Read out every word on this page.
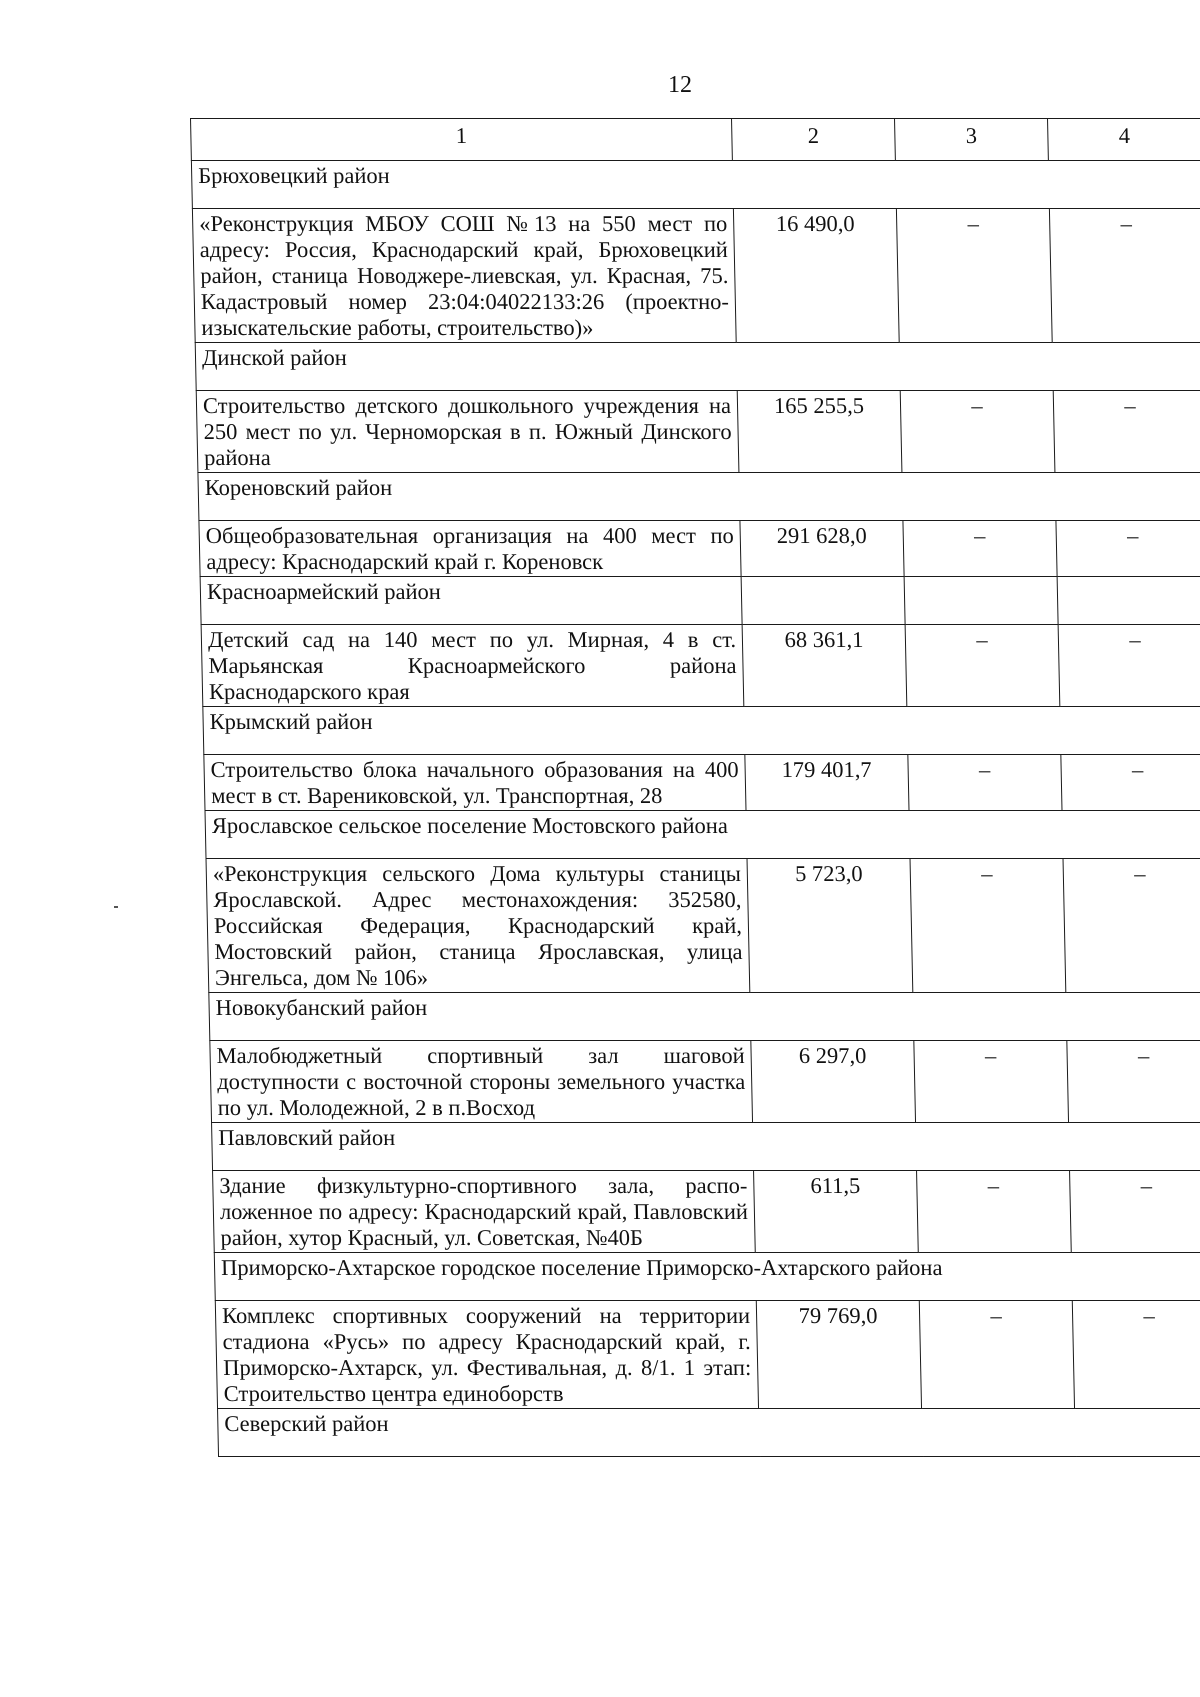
12
1	2	3	4
Брюховецкий район			
«Реконструкция МБОУ СОШ №13 на 550 мест по адресу: Россия, Краснодарский край, Брюховецкий район, станица Новоджере-лиевская, ул. Красная, 75. Кадастровый номер 23:04:04022133:26 (проектно-изыскательские работы, строительство)»	16 490,0	–	–
Динской район			
Строительство детского дошкольного учреждения на 250 мест по ул. Черноморская в п. Южный Динского района	165 255,5	–	–
Кореновский район			
Общеобразовательная организация на 400 мест по адресу: Краснодарский край г. Кореновск	291 628,0	–	–
Красноармейский район			
Детский сад на 140 мест по ул. Мирная, 4 в ст. Марьянская Красноармейского района Краснодарского края	68 361,1	–	–
Крымский район			
Строительство блока начального образования на 400 мест в ст. Варениковской, ул. Транспортная, 28	179 401,7	–	–
Ярославское сельское поселение Мостовского района			
«Реконструкция сельского Дома культуры станицы Ярославской. Адрес местонахождения: 352580, Российская Федерация, Краснодарский край, Мостовский район, станица Ярославская, улица Энгельса, дом № 106»	5 723,0	–	–
Новокубанский район			
Малобюджетный спортивный зал шаговой доступности с восточной стороны земельного участка по ул. Молодежной, 2 в п.Восход	6 297,0	–	–
Павловский район			
Здание физкультурно-спортивного зала, распо-ложенное по адресу: Краснодарский край, Павловский район, хутор Красный, ул. Советская, №40Б	611,5	–	–
Приморско-Ахтарское городское поселение Приморско-Ахтарского района			
Комплекс спортивных сооружений на территории стадиона «Русь» по адресу Краснодарский край, г. Приморско-Ахтарск, ул. Фестивальная, д. 8/1. 1 этап: Строительство центра единоборств	79 769,0	–	–
Северский район			
